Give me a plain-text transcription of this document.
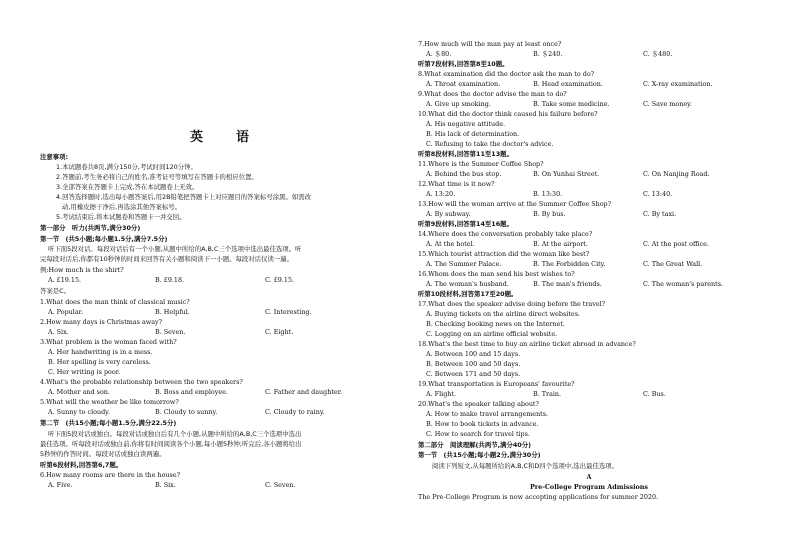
英　语
注意事项:
1.本试题卷共8页,满分150分,考试时间120分钟。
2.答题前,考生务必将自己的姓名,准考证号等填写在答题卡的相应位置。
3.全部答案在答题卡上完成,答在本试题卷上无效。
4.回答选择题时,选出每小题答案后,用2B铅笔把答题卡上对应题目的答案标号涂黑。如需改
动,用橡皮擦干净后,再选涂其他答案标号。
5.考试结束后,将本试题卷和答题卡一并交回。
第一部分　听力(共两节,满分30分)
第一节　(共5小题;每小题1.5分,满分7.5分)
听下面5段对话。每段对话后有一个小题,从题中所给的A,B,C三个选项中选出最佳选项。听
完每段对话后,你都有10秒钟的时间来回答有关小题和阅读下一小题。每段对话仅读一遍。
例:How much is the shirt?
A. £19.15.	B. £9.18.	C. £9.15.
答案是C。
1.What does the man think of classical music?
A. Popular.	B. Helpful.	C. Interesting.
2.How many days is Christmas away?
A. Six.	B. Seven.	C. Eight.
3.What problem is the woman faced with?
A. Her handwriting is in a mess.
B. Her spelling is very careless.
C. Her writing is poor.
4.What's the probable relationship between the two speakers?
A. Mother and son.	B. Boss and employee.	C. Father and daughter.
5.What will the weather be like tomorrow?
A. Sunny to cloudy.	B. Cloudy to sunny.	C. Cloudy to rainy.
第二节　(共15小题;每小题1.5分,满分22.5分)
听下面5段对话或独白。每段对话或独白后有几个小题,从题中所给的A,B,C三个选项中选出
最佳选项。听每段对话或独白前,你将有时间阅读各个小题,每小题5秒钟;听完后,各小题将给出
5秒钟的作答时间。每段对话或独白读两遍。
听第6段材料,回答第6,7题。
6.How many rooms are there in the house?
A. Five.	B. Six.	C. Seven.
7.How much will the man pay at least once?
A. ＄80.	B. ＄240.	C. ＄480.
听第7段材料,回答第8至10题。
8.What examination did the doctor ask the man to do?
A. Throat examination.	B. Head examination.	C. X-ray examination.
9.What does the doctor advise the man to do?
A. Give up smoking.	B. Take some medicine.	C. Save money.
10.What did the doctor think caused his failure before?
A. His negative attitude.
B. His lack of determination.
C. Refusing to take the doctor's advice.
听第8段材料,回答第11至13题。
11.Where is the Summer Coffee Shop?
A. Behind the bus stop.	B. On Yunhai Street.	C. On Nanjing Road.
12.What time is it now?
A. 13:20.	B. 13:30.	C. 13:40.
13.How will the woman arrive at the Summer Coffee Shop?
A. By subway.	B. By bus.	C. By taxi.
听第9段材料,回答第14至16题。
14.Where does the conversation probably take place?
A. At the hotel.	B. At the airport.	C. At the post office.
15.Which tourist attraction did the woman like best?
A. The Summer Palace.	B. The Forbidden City.	C. The Great Wall.
16.Whom does the man send his best wishes to?
A. The woman's husband.	B. The man's friends.	C. The woman's parents.
听第10段材料,回答第17至20题。
17.What does the speaker advise doing before the travel?
A. Buying tickets on the airline direct websites.
B. Checking booking news on the Internet.
C. Logging on an airline official website.
18.What's the best time to buy an airline ticket abroad in advance?
A. Between 100 and 15 days.
B. Between 100 and 50 days.
C. Between 171 and 50 days.
19.What transportation is Europeans' favourite?
A. Flight.	B. Train.	C. Bus.
20.What's the speaker talking about?
A. How to make travel arrangements.
B. How to book tickets in advance.
C. How to search for travel tips.
第二部分　阅读理解(共两节,满分40分)
第一节　(共15小题;每小题2分,满分30分)
阅读下列短文,从每题所给的A,B,C和D四个选项中,选出最佳选项。
A
Pre-College Program Admissions
The Pre-College Program is now accepting applications for summer 2020.
